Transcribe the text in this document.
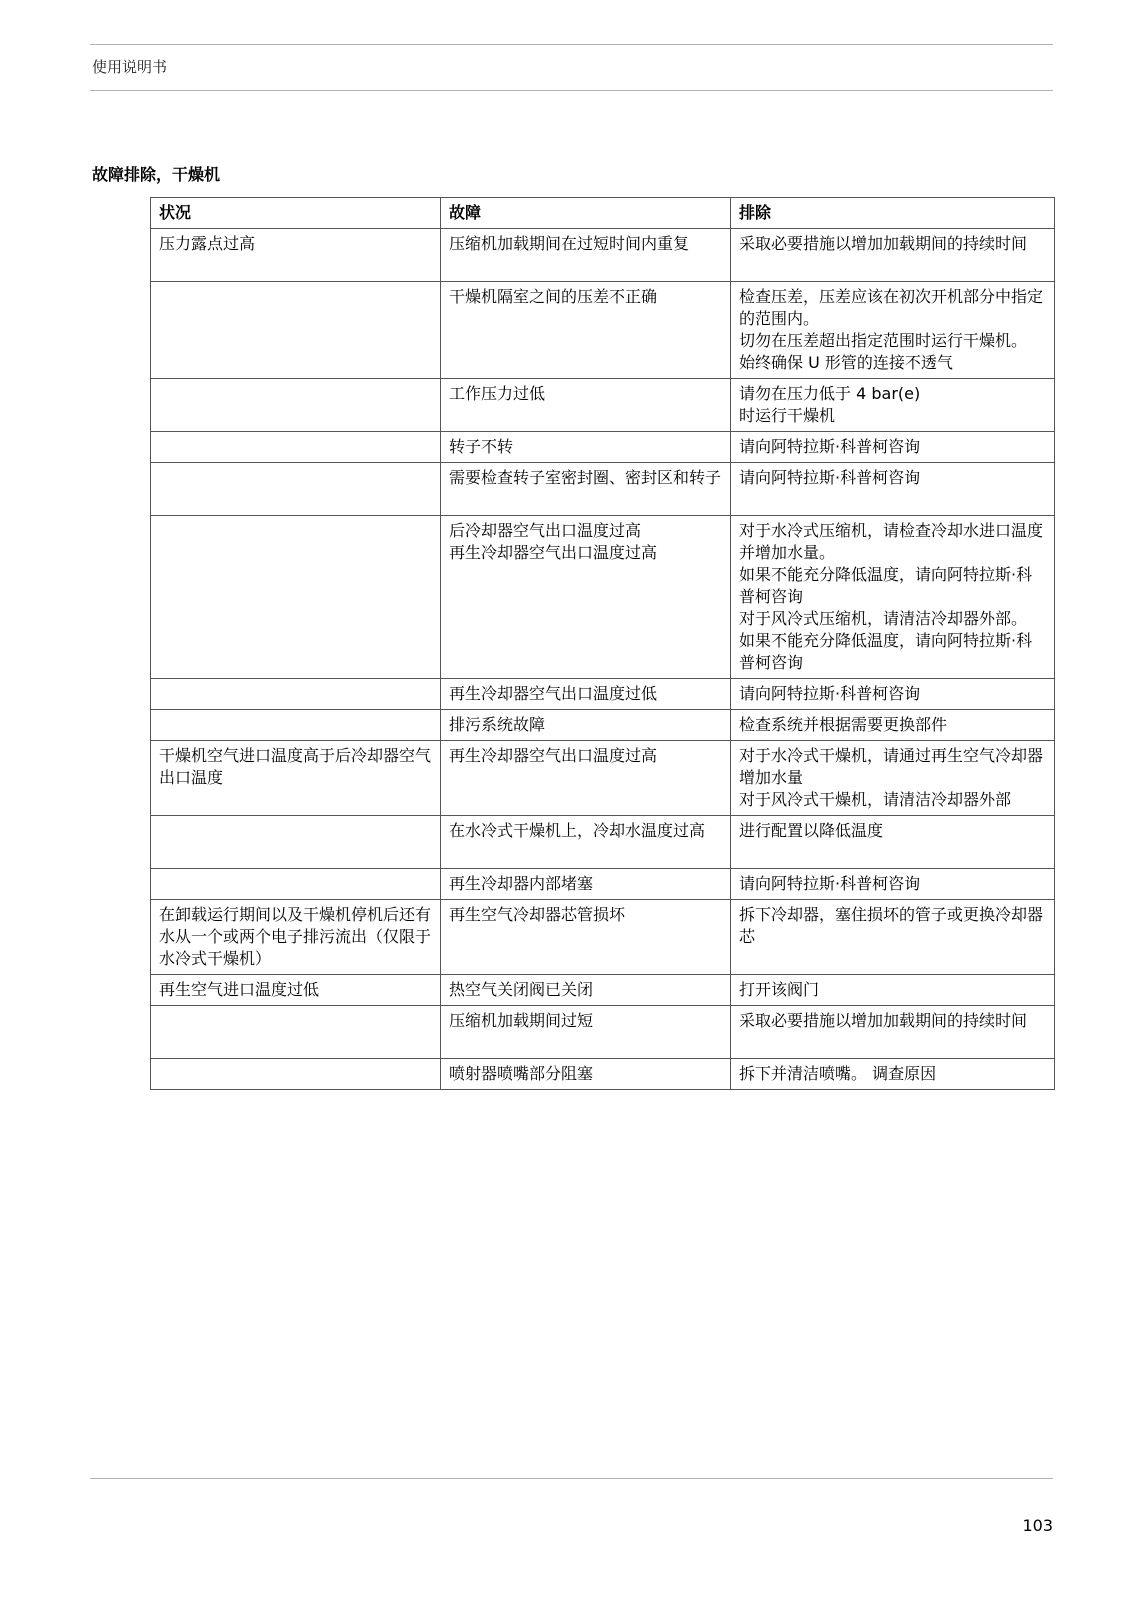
使用说明书
故障排除，干燥机
状况	故障	排除
压力露点过高	压缩机加载期间在过短时间内重复	采取必要措施以增加加载期间的持续时间

	干燥机隔室之间的压差不正确	检查压差，压差应该在初次开机部分中指定的范围内。
切勿在压差超出指定范围时运行干燥机。 始终确保 U 形管的连接不透气

	工作压力过低	请勿在压力低于 4 bar(e)
时运行干燥机

	转子不转	请向阿特拉斯·科普柯咨询

	需要检查转子室密封圈、密封区和转子	请向阿特拉斯·科普柯咨询

	后冷却器空气出口温度过高
再生冷却器空气出口温度过高	对于水冷式压缩机，请检查冷却水进口温度并增加水量。
如果不能充分降低温度，请向阿特拉斯·科普柯咨询
对于风冷式压缩机，请清洁冷却器外部。
如果不能充分降低温度，请向阿特拉斯·科普柯咨询

	再生冷却器空气出口温度过低	请向阿特拉斯·科普柯咨询

	排污系统故障	检查系统并根据需要更换部件

干燥机空气进口温度高于后冷却器空气出口温度	再生冷却器空气出口温度过高	对于水冷式干燥机，请通过再生空气冷却器增加水量
对于风冷式干燥机，请清洁冷却器外部

	在水冷式干燥机上，冷却水温度过高	进行配置以降低温度

	再生冷却器内部堵塞	请向阿特拉斯·科普柯咨询

在卸载运行期间以及干燥机停机后还有水从一个或两个电子排污流出（仅限于水冷式干燥机）	再生空气冷却器芯管损坏	拆下冷却器，塞住损坏的管子或更换冷却器芯

再生空气进口温度过低	热空气关闭阀已关闭	打开该阀门

	压缩机加载期间过短	采取必要措施以增加加载期间的持续时间

	喷射器喷嘴部分阻塞	拆下并清洁喷嘴。 调查原因
103
